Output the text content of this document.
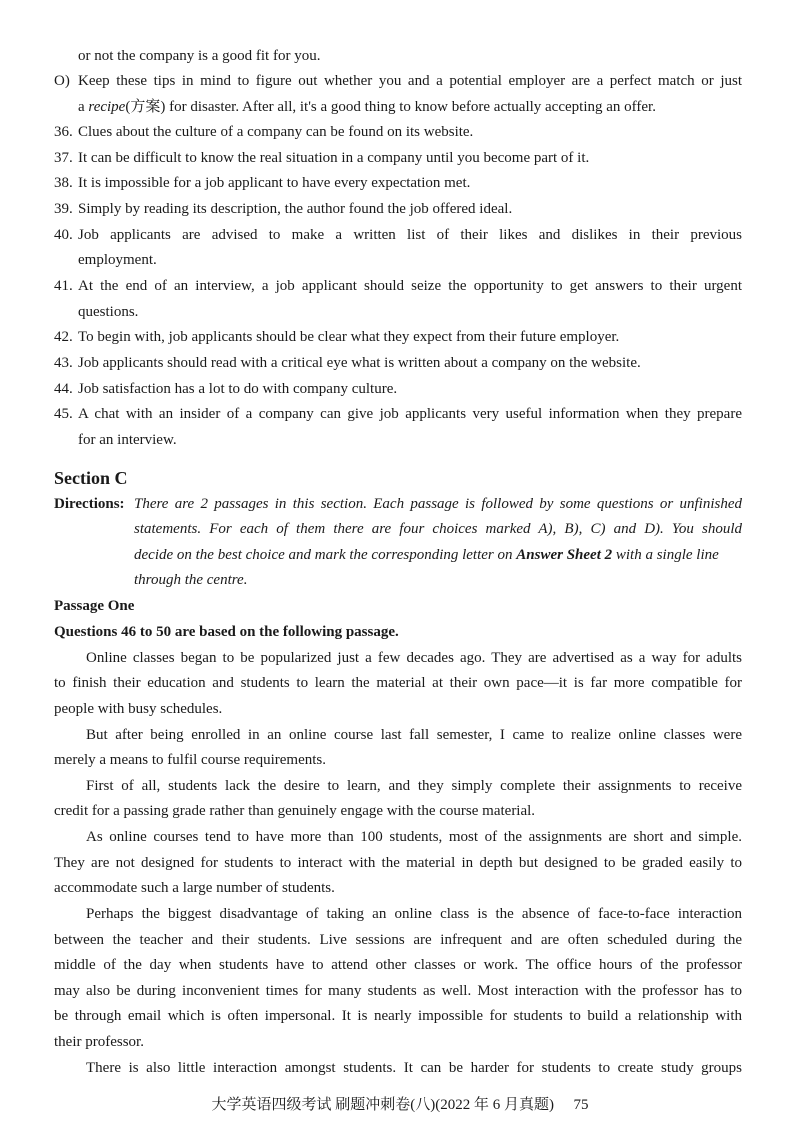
or not the company is a good fit for you.
O) Keep these tips in mind to figure out whether you and a potential employer are a perfect match or just
a recipe(方案) for disaster. After all, it's a good thing to know before actually accepting an offer.
36. Clues about the culture of a company can be found on its website.
37. It can be difficult to know the real situation in a company until you become part of it.
38. It is impossible for a job applicant to have every expectation met.
39. Simply by reading its description, the author found the job offered ideal.
40. Job applicants are advised to make a written list of their likes and dislikes in their previous
employment.
41. At the end of an interview, a job applicant should seize the opportunity to get answers to their urgent
questions.
42. To begin with, job applicants should be clear what they expect from their future employer.
43. Job applicants should read with a critical eye what is written about a company on the website.
44. Job satisfaction has a lot to do with company culture.
45. A chat with an insider of a company can give job applicants very useful information when they prepare
for an interview.
Section C
Directions: There are 2 passages in this section. Each passage is followed by some questions or unfinished
statements. For each of them there are four choices marked A), B), C) and D). You should
decide on the best choice and mark the corresponding letter on Answer Sheet 2 with a single line
through the centre.
Passage One
Questions 46 to 50 are based on the following passage.
Online classes began to be popularized just a few decades ago. They are advertised as a way for adults
to finish their education and students to learn the material at their own pace—it is far more compatible for
people with busy schedules.
But after being enrolled in an online course last fall semester, I came to realize online classes were
merely a means to fulfil course requirements.
First of all, students lack the desire to learn, and they simply complete their assignments to receive
credit for a passing grade rather than genuinely engage with the course material.
As online courses tend to have more than 100 students, most of the assignments are short and simple.
They are not designed for students to interact with the material in depth but designed to be graded easily to
accommodate such a large number of students.
Perhaps the biggest disadvantage of taking an online class is the absence of face-to-face interaction
between the teacher and their students. Live sessions are infrequent and are often scheduled during the
middle of the day when students have to attend other classes or work. The office hours of the professor
may also be during inconvenient times for many students as well. Most interaction with the professor has to
be through email which is often impersonal. It is nearly impossible for students to build a relationship with
their professor.
There is also little interaction amongst students. It can be harder for students to create study groups
大学英语四级考试 刷题冲刺卷(八)(2022 年 6 月真题) 75
